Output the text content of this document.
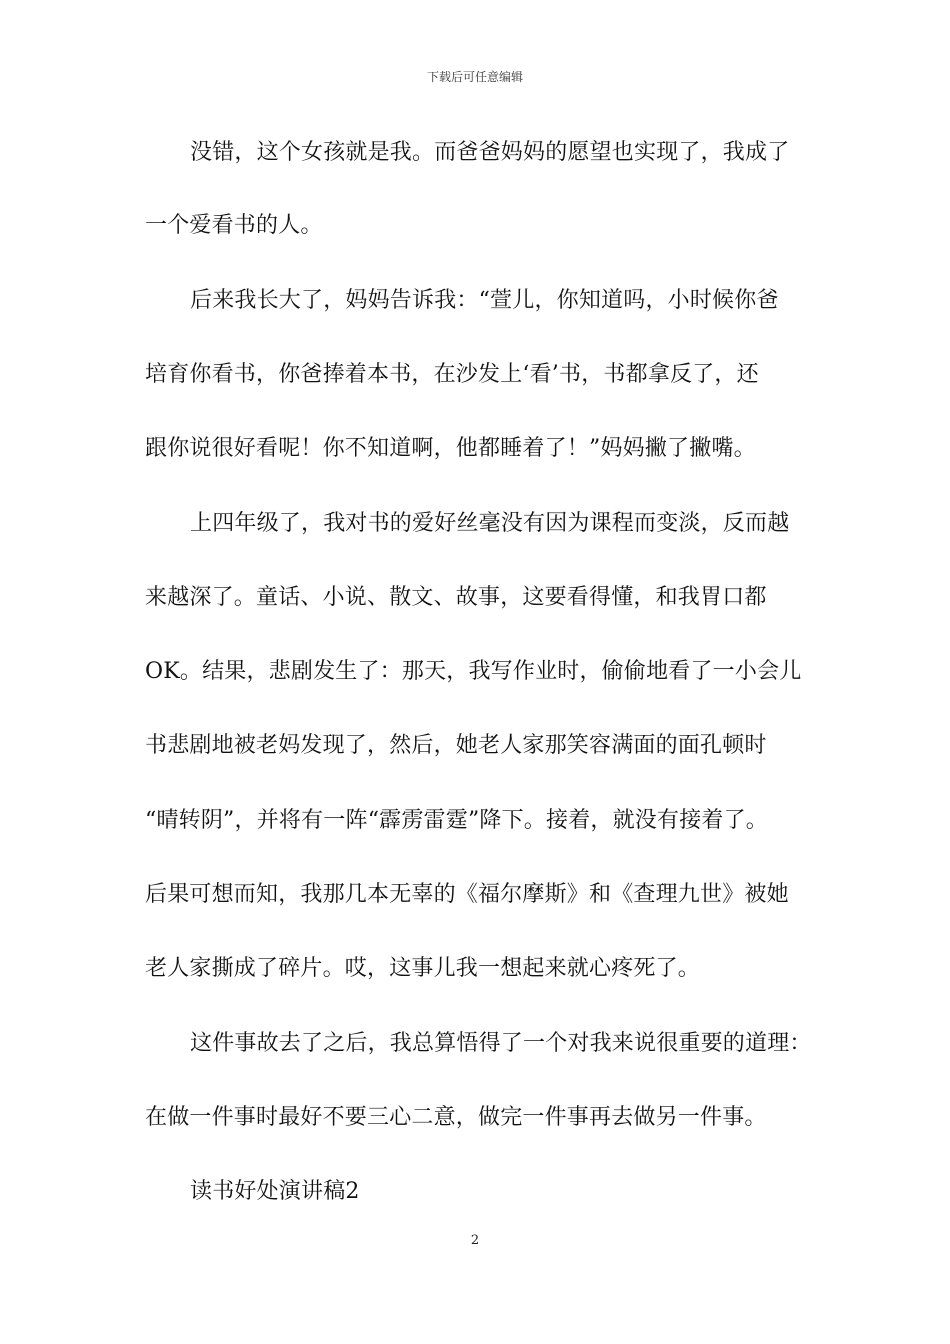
下载后可任意编辑
没错，这个女孩就是我。而爸爸妈妈的愿望也实现了，我成了
一个爱看书的人。
后来我长大了，妈妈告诉我：“萱儿，你知道吗，小时候你爸
培育你看书，你爸捧着本书，在沙发上‘看’书，书都拿反了，还
跟你说很好看呢！你不知道啊，他都睡着了！”妈妈撇了撇嘴。
上四年级了，我对书的爱好丝毫没有因为课程而变淡，反而越
来越深了。童话、小说、散文、故事，这要看得懂，和我胃口都
OK。结果，悲剧发生了：那天，我写作业时，偷偷地看了一小会儿
书悲剧地被老妈发现了，然后，她老人家那笑容满面的面孔顿时
“晴转阴”，并将有一阵“霹雳雷霆”降下。接着，就没有接着了。
后果可想而知，我那几本无辜的《福尔摩斯》和《查理九世》被她
老人家撕成了碎片。哎，这事儿我一想起来就心疼死了。
这件事故去了之后，我总算悟得了一个对我来说很重要的道理：
在做一件事时最好不要三心二意，做完一件事再去做另一件事。
读书好处演讲稿2
2
